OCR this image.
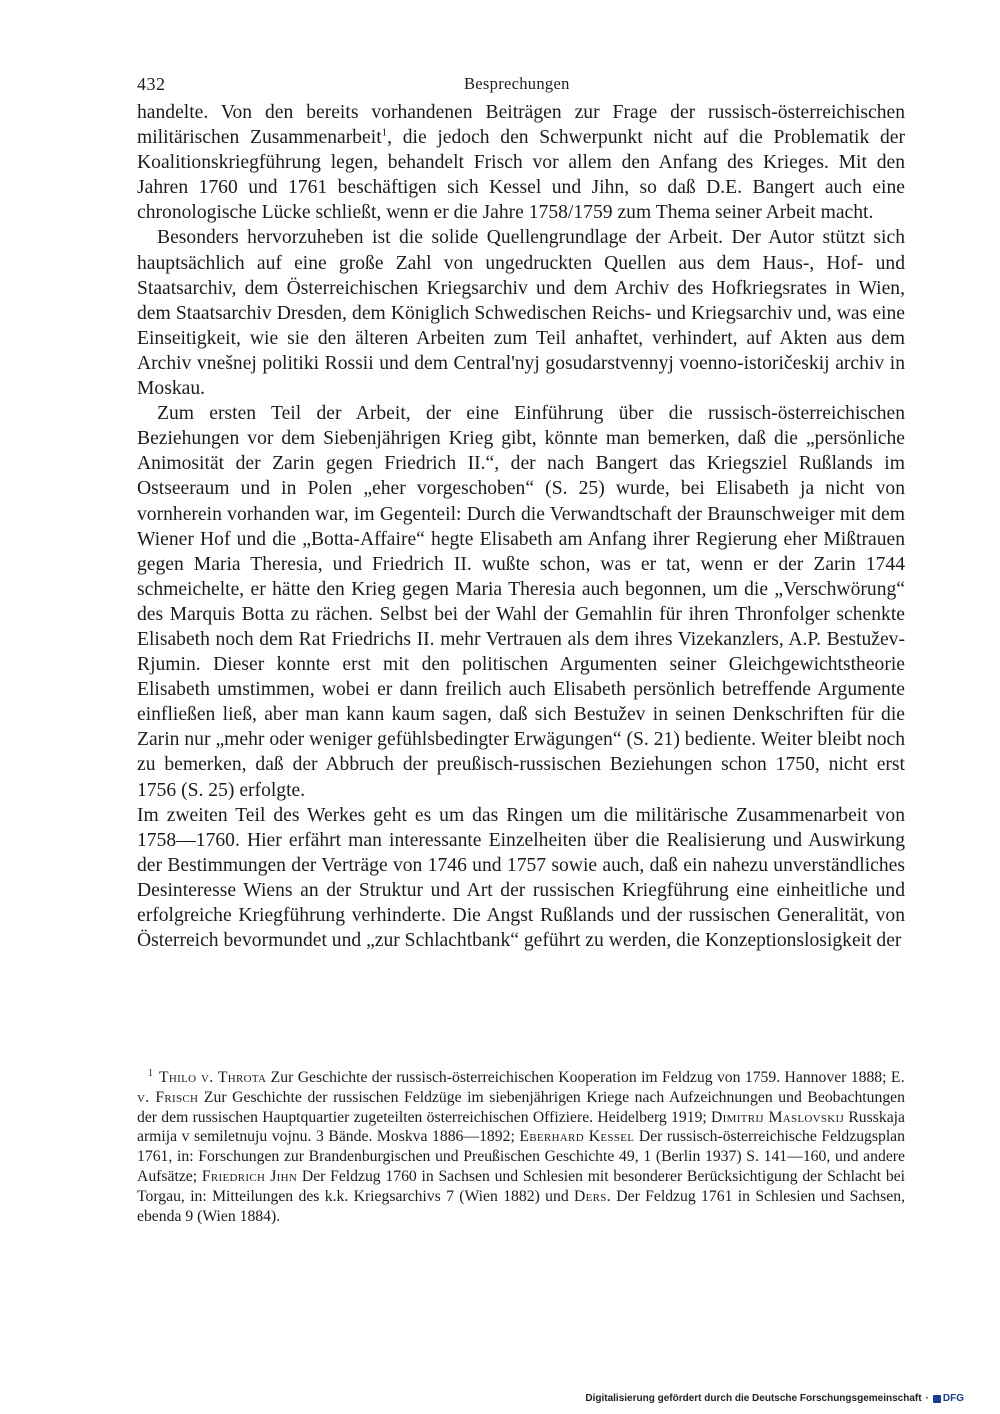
432	Besprechungen

handelte. Von den bereits vorhandenen Beiträgen zur Frage der russisch-österreichischen militärischen Zusammenarbeit$^1$, die jedoch den Schwerpunkt nicht auf die Problematik der Koalitionskriegführung legen, behandelt Frisch vor allem den Anfang des Krieges. Mit den Jahren 1760 und 1761 beschäftigen sich Kessel und Jihn, so daß D.E. Bangert auch eine chronologische Lücke schließt, wenn er die Jahre 1758/1759 zum Thema seiner Arbeit macht.

Besonders hervorzuheben ist die solide Quellengrundlage der Arbeit. Der Autor stützt sich hauptsächlich auf eine große Zahl von ungedruckten Quellen aus dem Haus-, Hof- und Staatsarchiv, dem Österreichischen Kriegsarchiv und dem Archiv des Hofkriegsrates in Wien, dem Staatsarchiv Dresden, dem Königlich Schwedischen Reichs- und Kriegsarchiv und, was eine Einseitigkeit, wie sie den älteren Arbeiten zum Teil anhaftet, verhindert, auf Akten aus dem Archiv vnešnej politiki Rossii und dem Central'nyj gosudarstvennyj voenno-istoričeskij archiv in Moskau.

Zum ersten Teil der Arbeit, der eine Einführung über die russisch-österreichischen Beziehungen vor dem Siebenjährigen Krieg gibt, könnte man bemerken, daß die „persönliche Animosität der Zarin gegen Friedrich II.“, der nach Bangert das Kriegsziel Rußlands im Ostseeraum und in Polen „eher vorgeschoben“ (S. 25) wurde, bei Elisabeth ja nicht von vornherein vorhanden war, im Gegenteil: Durch die Verwandtschaft der Braunschweiger mit dem Wiener Hof und die „Botta-Affaire“ hegte Elisabeth am Anfang ihrer Regierung eher Mißtrauen gegen Maria Theresia, und Friedrich II. wußte schon, was er tat, wenn er der Zarin 1744 schmeichelte, er hätte den Krieg gegen Maria Theresia auch begonnen, um die „Verschwörung“ des Marquis Botta zu rächen. Selbst bei der Wahl der Gemahlin für ihren Thronfolger schenkte Elisabeth noch dem Rat Friedrichs II. mehr Vertrauen als dem ihres Vizekanzlers, A.P. Bestužev-Rjumin. Dieser konnte erst mit den politischen Argumenten seiner Gleichgewichtstheorie Elisabeth umstimmen, wobei er dann freilich auch Elisabeth persönlich betreffende Argumente einfließen ließ, aber man kann kaum sagen, daß sich Bestužev in seinen Denkschriften für die Zarin nur „mehr oder weniger gefühlsbedingter Erwägungen“ (S. 21) bediente. Weiter bleibt noch zu bemerken, daß der Abbruch der preußisch-russischen Beziehungen schon 1750, nicht erst 1756 (S. 25) erfolgte.

Im zweiten Teil des Werkes geht es um das Ringen um die militärische Zusammenarbeit von 1758—1760. Hier erfährt man interessante Einzelheiten über die Realisierung und Auswirkung der Bestimmungen der Verträge von 1746 und 1757 sowie auch, daß ein nahezu unverständliches Desinteresse Wiens an der Struktur und Art der russischen Kriegführung eine einheitliche und erfolgreiche Kriegführung verhinderte. Die Angst Rußlands und der russischen Generalität, von Österreich bevormundet und „zur Schlachtbank“ geführt zu werden, die Konzeptionslosigkeit der

$^1$ Thilo v. Throta Zur Geschichte der russisch-österreichischen Kooperation im Feldzug von 1759. Hannover 1888; E. v. Frisch Zur Geschichte der russischen Feldzüge im siebenjährigen Kriege nach Aufzeichnungen und Beobachtungen der dem russischen Hauptquartier zugeteilten österreichischen Offiziere. Heidelberg 1919; Dimitrij Maslovskij Russkaja armija v semiletnuju vojnu. 3 Bände. Moskva 1886—1892; Eberhard Kessel Der russisch-österreichische Feldzugsplan 1761, in: Forschungen zur Brandenburgischen und Preußischen Geschichte 49, 1 (Berlin 1937) S. 141—160, und andere Aufsätze; Friedrich Jihn Der Feldzug 1760 in Sachsen und Schlesien mit besonderer Berücksichtigung der Schlacht bei Torgau, in: Mitteilungen des k.k. Kriegsarchivs 7 (Wien 1882) und Ders. Der Feldzug 1761 in Schlesien und Sachsen, ebenda 9 (Wien 1884).

Digitalisierung gefördert durch die Deutsche Forschungsgemeinschaft · DFG
